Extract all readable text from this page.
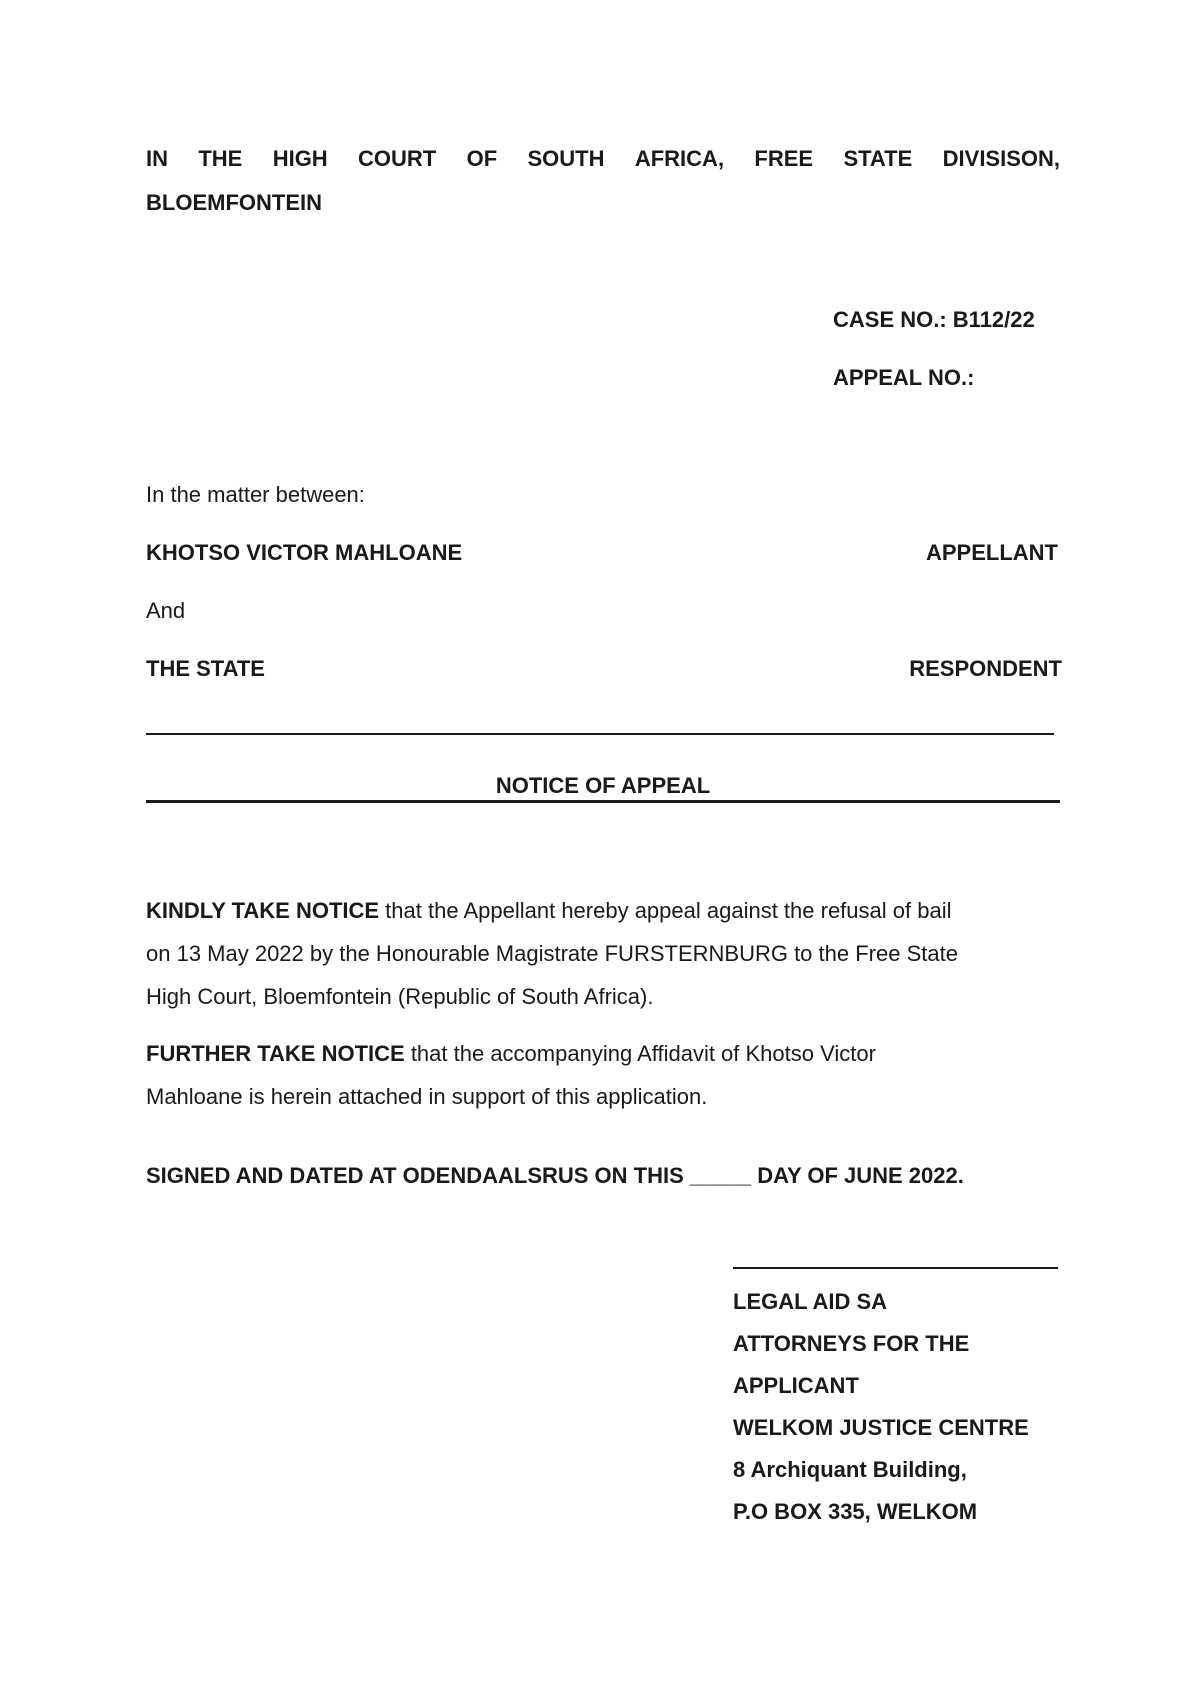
IN THE HIGH COURT OF SOUTH AFRICA, FREE STATE DIVISISON,
BLOEMFONTEIN
CASE NO.: B112/22
APPEAL NO.:
In the matter between:
KHOTSO VICTOR MAHLOANE	APPELLANT
And
THE STATE	RESPONDENT
NOTICE OF APPEAL
KINDLY TAKE NOTICE that the Appellant hereby appeal against the refusal of bail
on 13 May 2022 by the Honourable Magistrate FURSTERNBURG to the Free State
High Court, Bloemfontein (Republic of South Africa).
FURTHER TAKE NOTICE that the accompanying Affidavit of Khotso Victor
Mahloane is herein attached in support of this application.
SIGNED AND DATED AT ODENDAALSRUS ON THIS _____ DAY OF JUNE 2022.
LEGAL AID SA
ATTORNEYS FOR THE
APPLICANT
WELKOM JUSTICE CENTRE
8 Archiquant Building,
P.O BOX 335, WELKOM
